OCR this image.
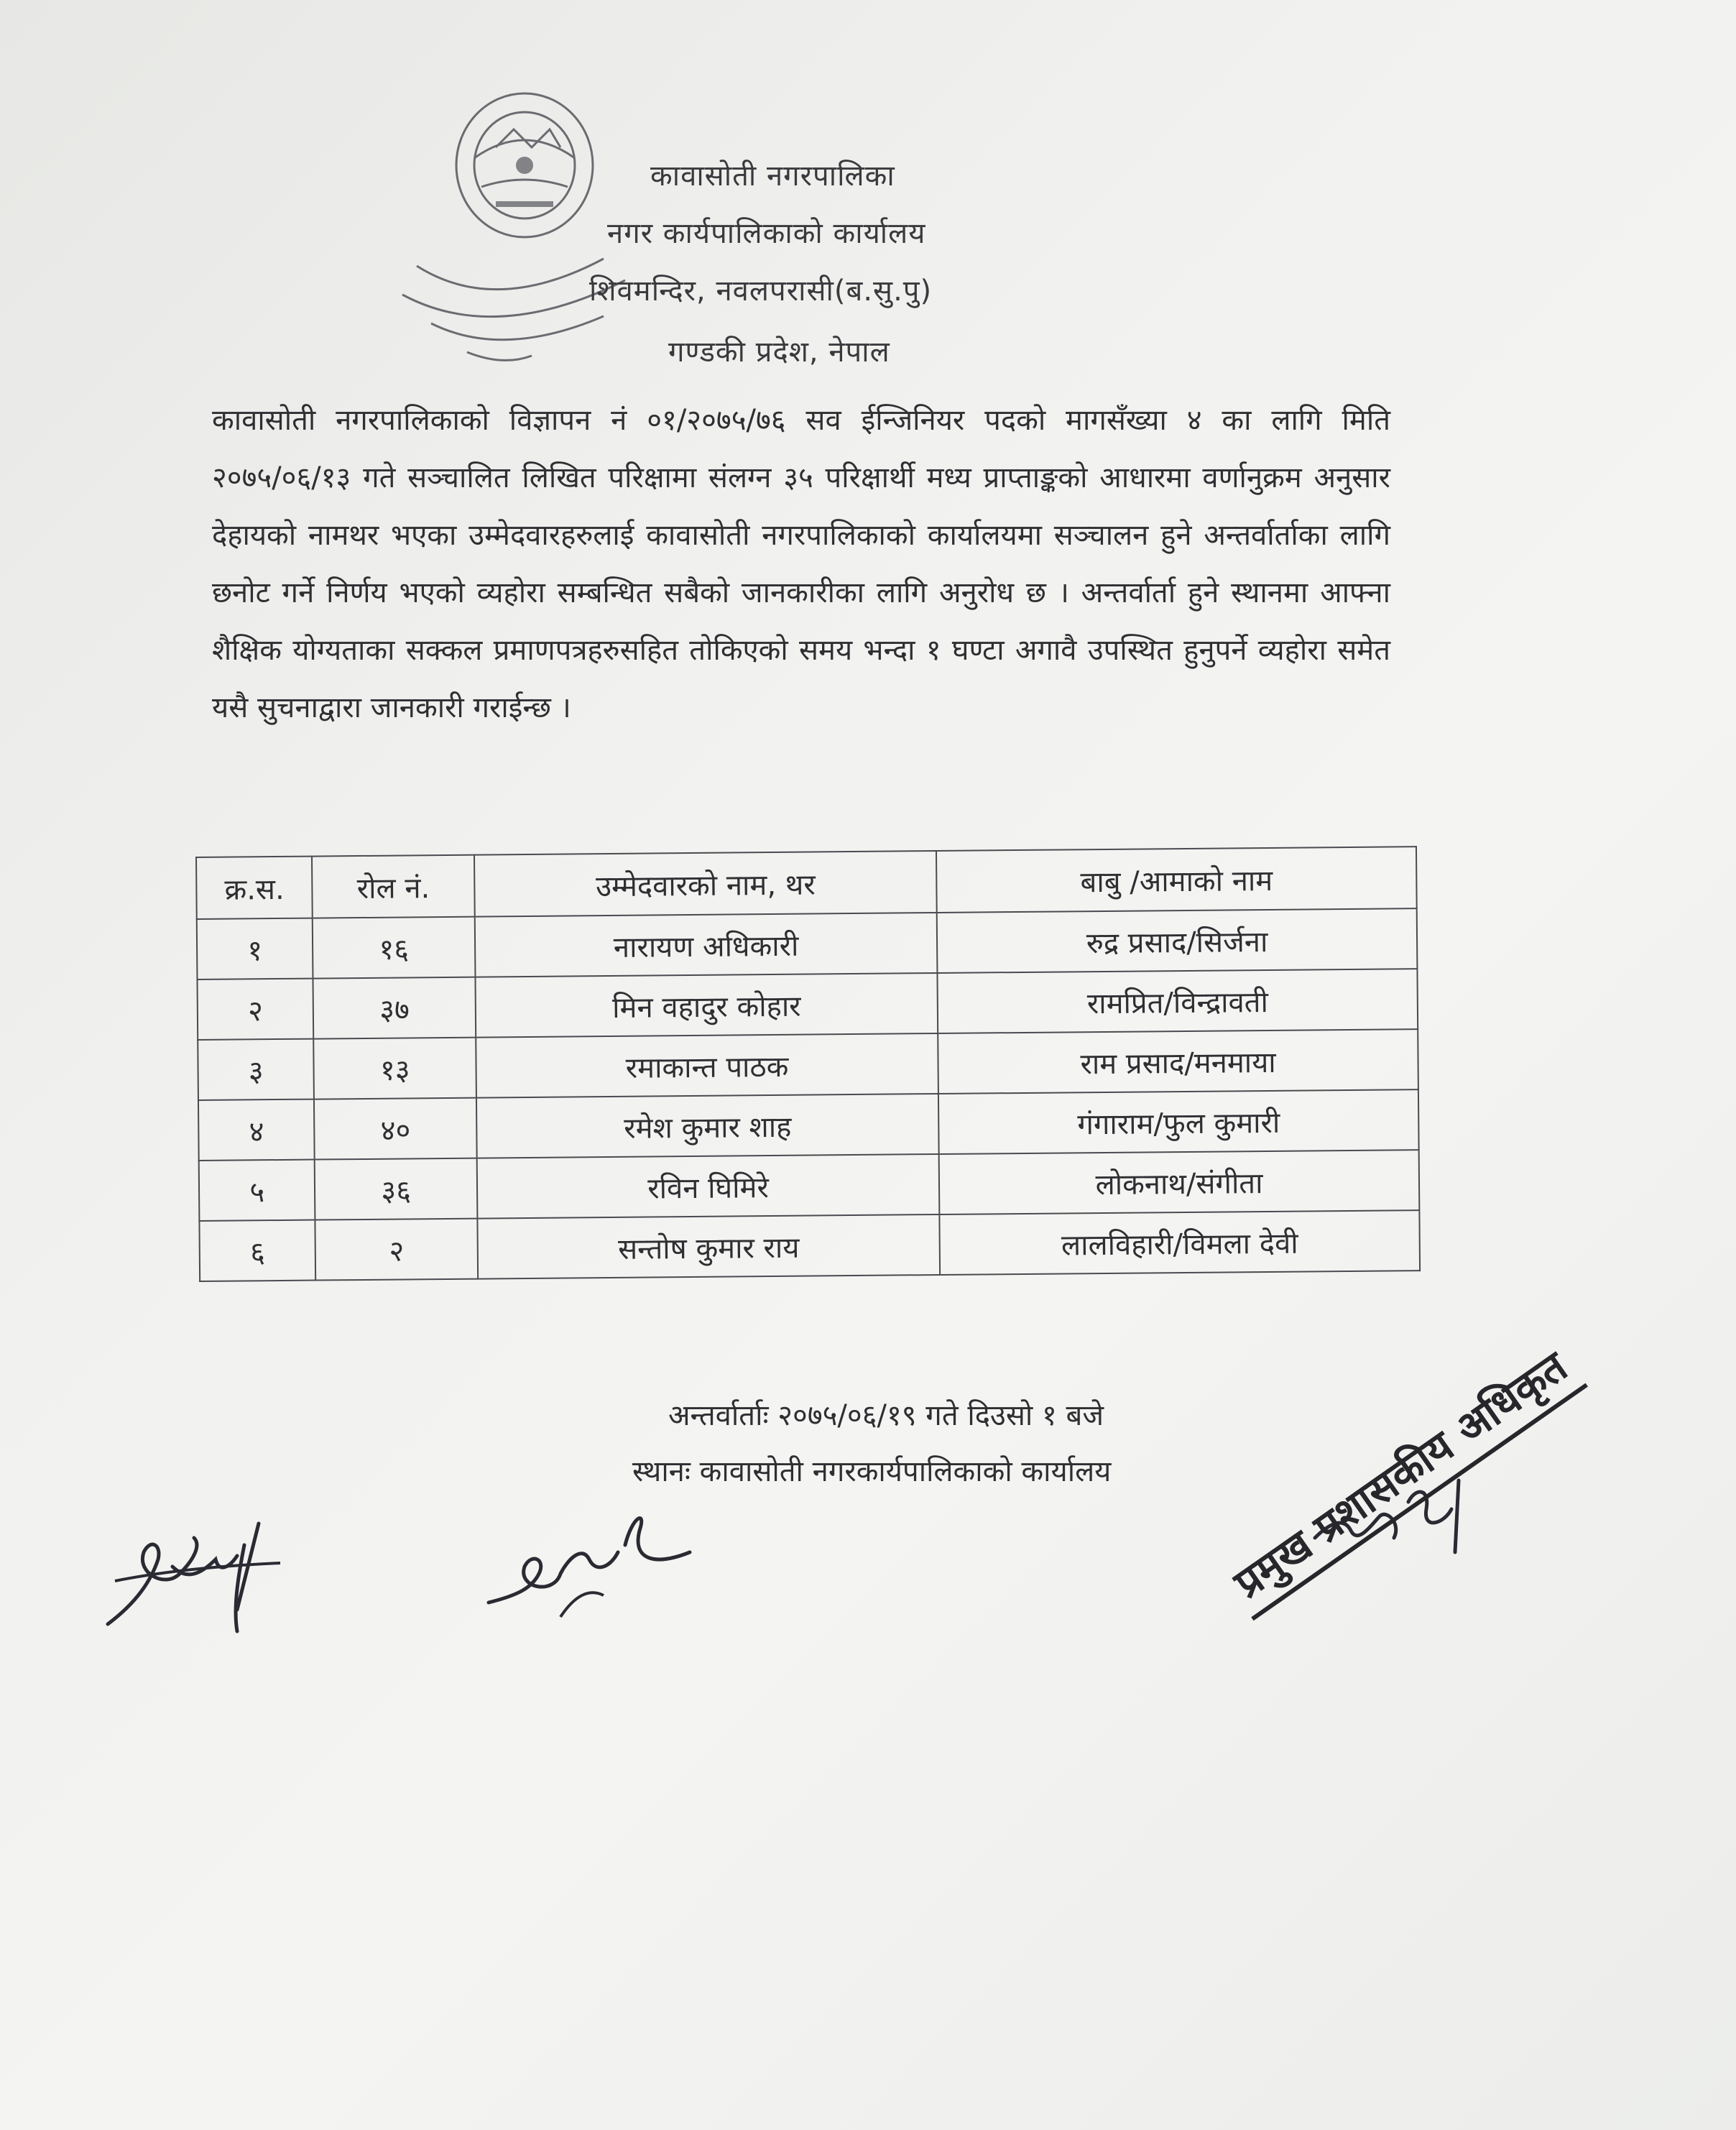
कावासोती नगरपालिका
नगर कार्यपालिकाको कार्यालय
शिवमन्दिर, नवलपरासी(ब.सु.पु)
गण्डकी प्रदेश, नेपाल
कावासोती नगरपालिकाको विज्ञापन नं ०१/२०७५/७६ सव ईन्जिनियर पदको मागसँख्या ४ का लागि मिति २०७५/०६/१३ गते सञ्चालित लिखित परिक्षामा संलग्न ३५ परिक्षार्थी मध्य प्राप्ताङ्कको आधारमा वर्णानुक्रम अनुसार देहायको नामथर भएका उम्मेदवारहरुलाई कावासोती नगरपालिकाको कार्यालयमा सञ्चालन हुने अन्तर्वार्ताका लागि छनोट गर्ने निर्णय भएको व्यहोरा सम्बन्धित सबैको जानकारीका लागि अनुरोध छ । अन्तर्वार्ता हुने स्थानमा आफ्ना शैक्षिक योग्यताका सक्कल प्रमाणपत्रहरुसहित तोकिएको समय भन्दा १ घण्टा अगावै उपस्थित हुनुपर्ने व्यहोरा समेत यसै सुचनाद्वारा जानकारी गराईन्छ ।
क्र.स.	रोल नं.	उम्मेदवारको नाम, थर	बाबु /आमाको नाम
१	१६	नारायण अधिकारी	रुद्र प्रसाद/सिर्जना
२	३७	मिन वहादुर कोहार	रामप्रित/विन्द्रावती
३	१३	रमाकान्त पाठक	राम प्रसाद/मनमाया
४	४०	रमेश कुमार शाह	गंगाराम/फुल कुमारी
५	३६	रविन घिमिरे	लोकनाथ/संगीता
६	२	सन्तोष कुमार राय	लालविहारी/विमला देवी
अन्तर्वार्ताः २०७५/०६/१९ गते दिउसो १ बजे
स्थानः कावासोती नगरकार्यपालिकाको कार्यालय	प्रमुख प्रशासकीय अधिकृत
